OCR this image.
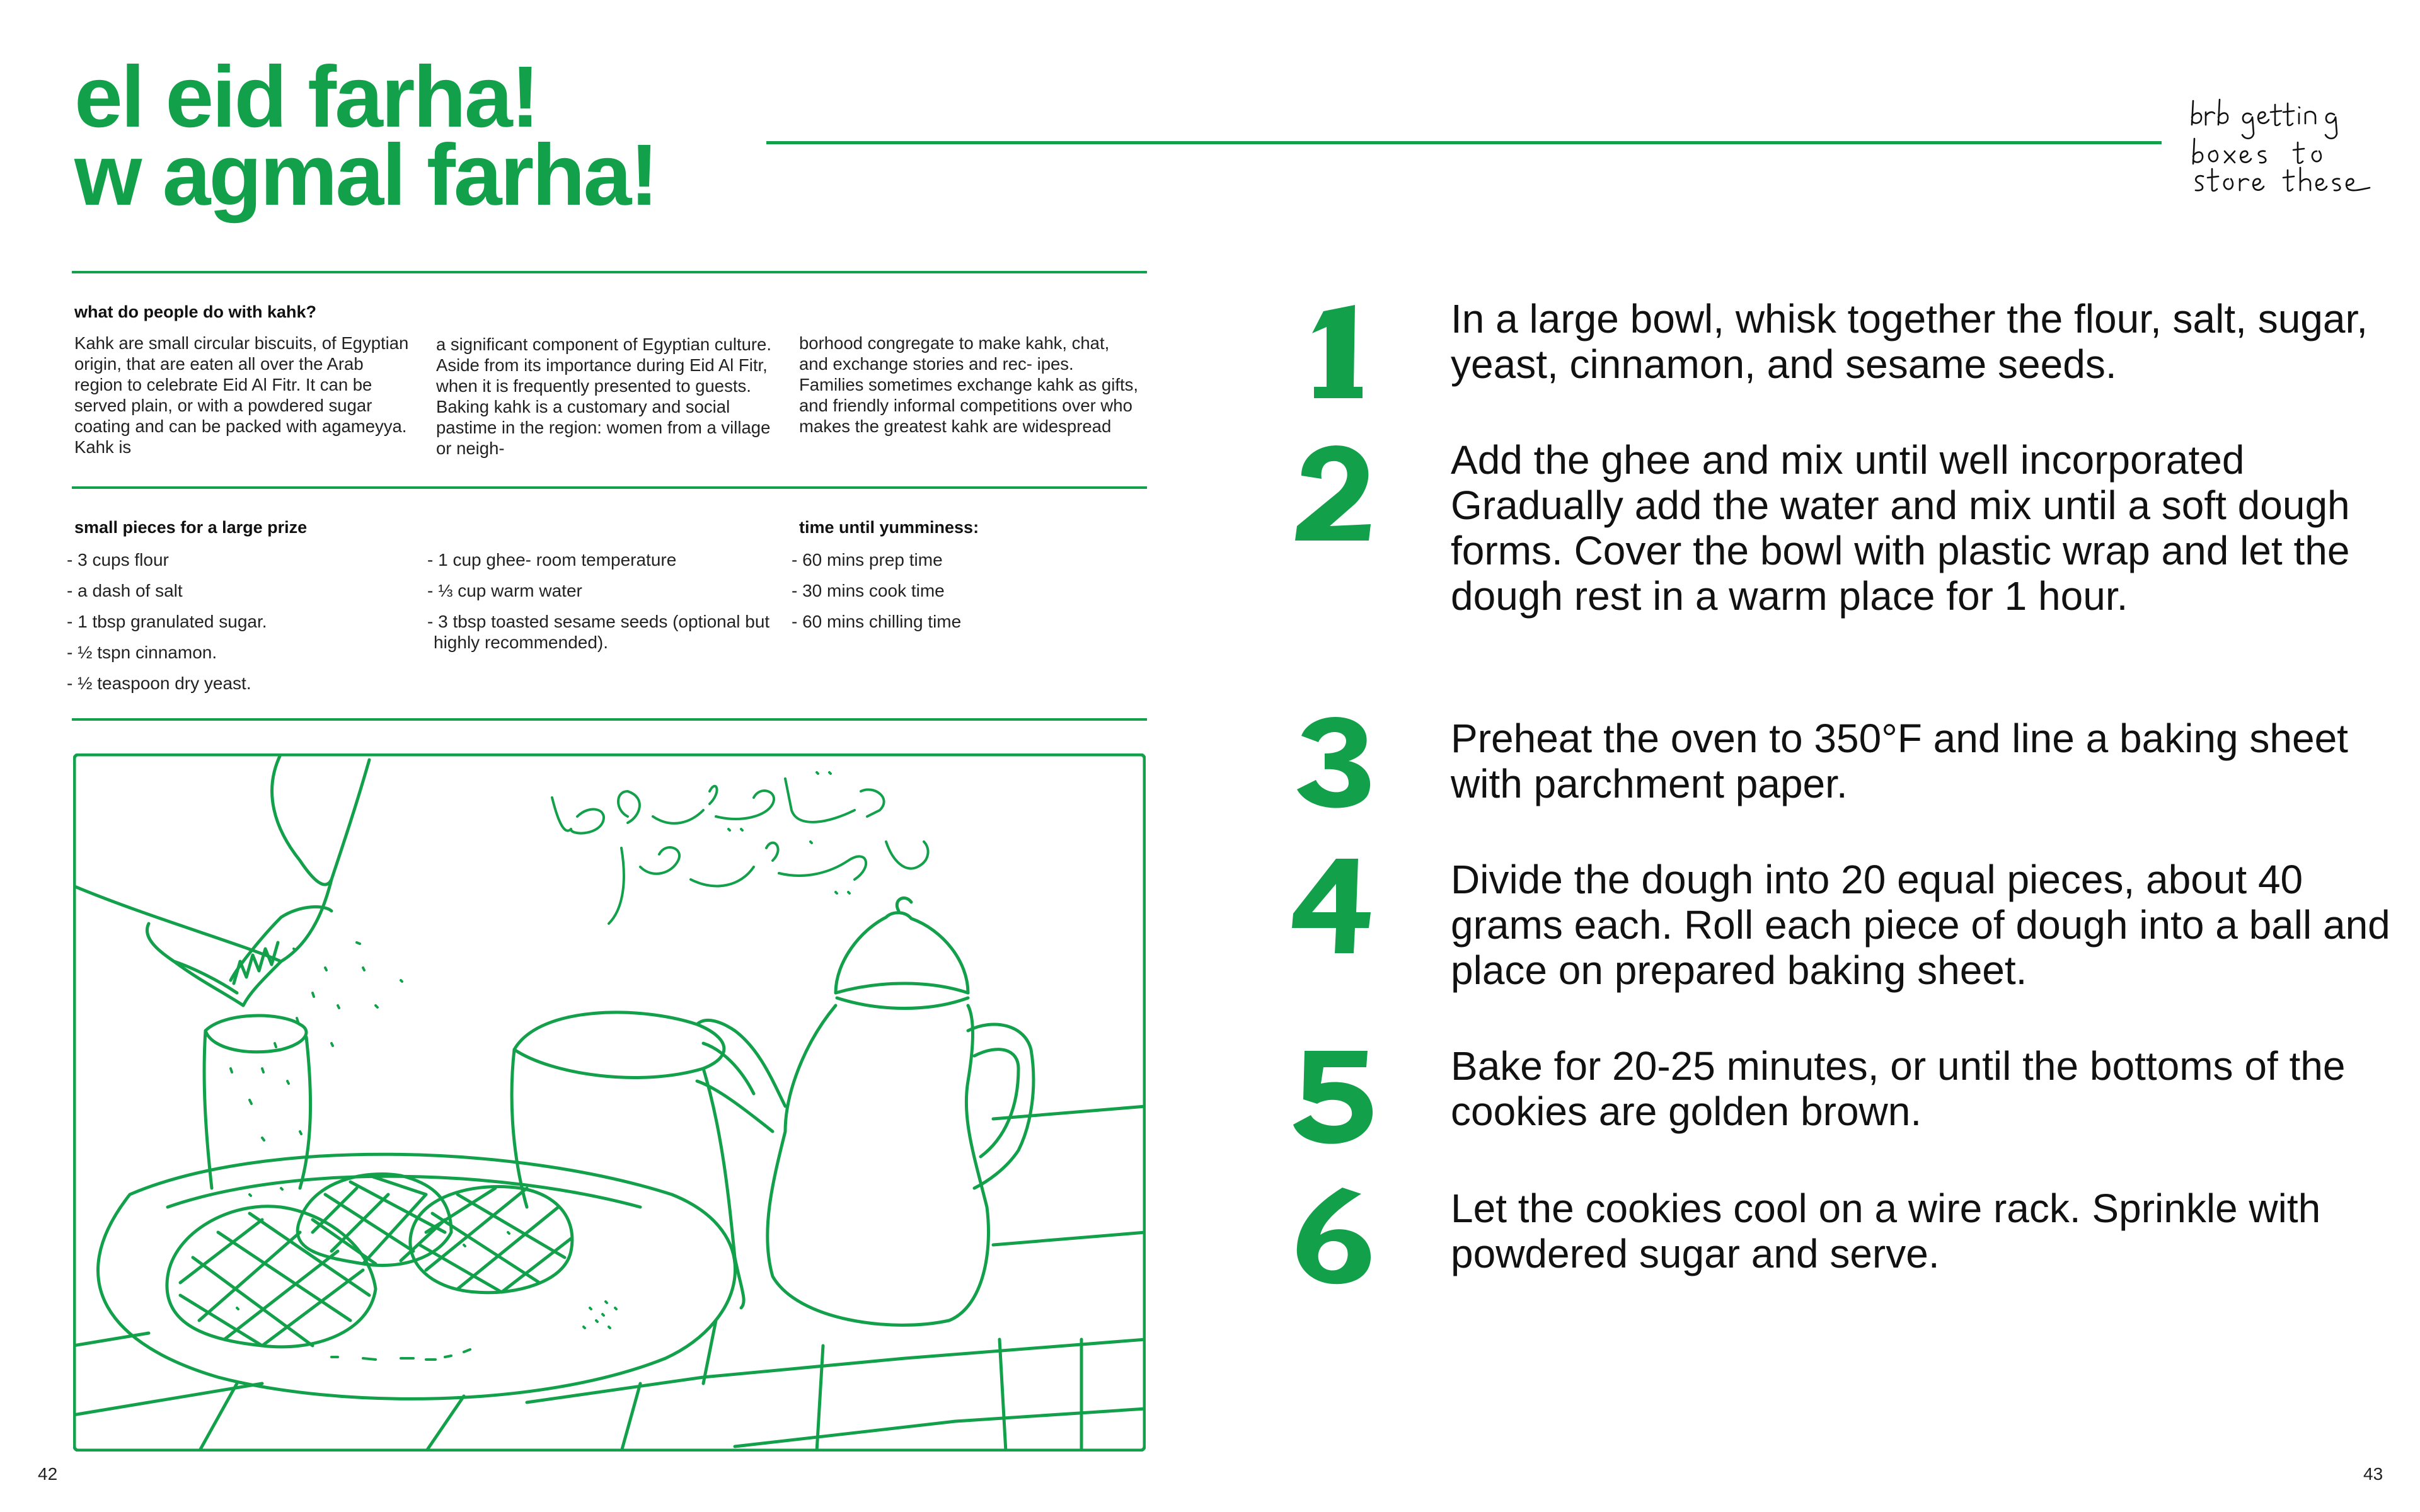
el eid farha!
w agmal farha!
what do people do with kahk?

Kahk are small circular biscuits, of Egyptian origin, that are eaten all over the Arab region to celebrate Eid Al Fitr. It can be served plain, or with a powdered sugar coating and can be packed with agameyya. Kahk is

a significant component of Egyptian culture. Aside from its importance during Eid Al Fitr, when it is frequently presented to guests. Baking kahk is a customary and social pastime in the region: women from a village or neigh-

borhood congregate to make kahk, chat, and exchange stories and rec- ipes. Families sometimes exchange kahk as gifts, and friendly informal competitions over who makes the greatest kahk are widespread

small pieces for a large prize
- 3 cups flour
- a dash of salt
- 1 tbsp granulated sugar.
- ½ tspn cinnamon.
- ½ teaspoon dry yeast.
- 1 cup ghee- room temperature
- ⅓ cup warm water
- 3 tbsp toasted sesame seeds (optional but highly recommended).
time until yumminess:
- 60 mins prep time
- 30 mins cook time
- 60 mins chilling time

In a large bowl, whisk together the flour, salt, sugar, yeast, cinnamon, and sesame seeds.

Add the ghee and mix until well incorporated Gradually add the water and mix until a soft dough forms. Cover the bowl with plastic wrap and let the dough rest in a warm place for 1 hour.

Preheat the oven to 350°F and line a baking sheet with parchment paper.

Divide the dough into 20 equal pieces, about 40 grams each. Roll each piece of dough into a ball and place on prepared baking sheet.

Bake for 20-25 minutes, or until the bottoms of the cookies are golden brown.

Let the cookies cool on a wire rack. Sprinkle with powdered sugar and serve.

42	43
